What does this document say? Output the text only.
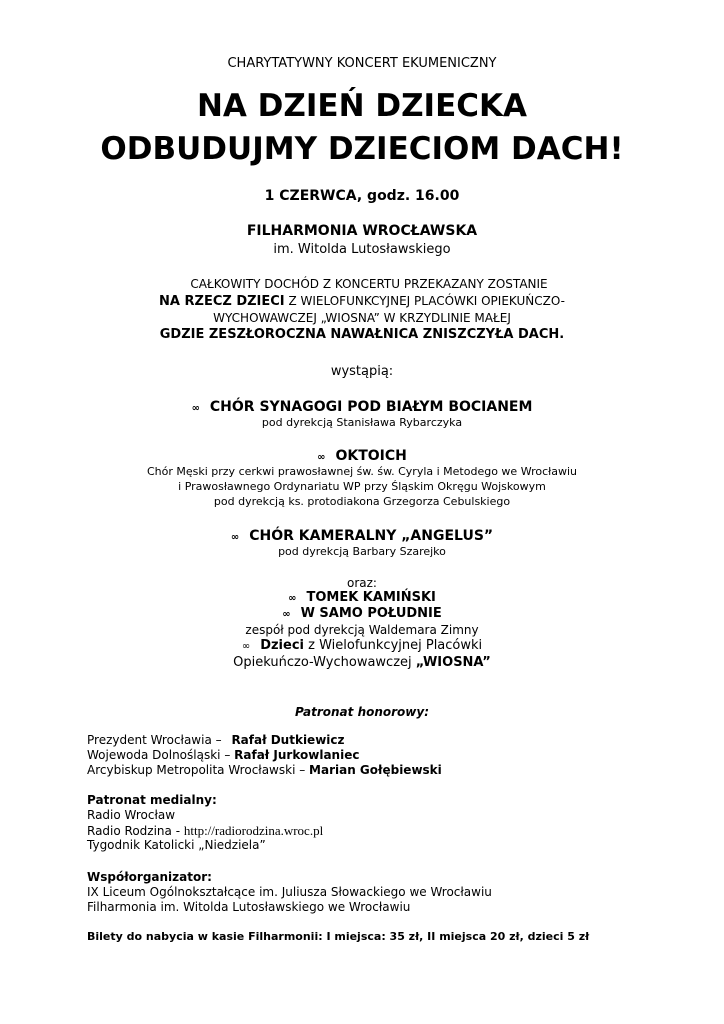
CHARYTATYWNY KONCERT EKUMENICZNY
NA DZIEŃ DZIECKA
ODBUDUJMY DZIECIOM DACH!
1 CZERWCA, godz. 16.00
FILHARMONIA WROCŁAWSKA
im. Witolda Lutosławskiego
CAŁKOWITY DOCHÓD Z KONCERTU PRZEKAZANY ZOSTANIE
NA RZECZ DZIECI Z WIELOFUNKCYJNEJ PLACÓWKI OPIEKUŃCZO-
WYCHOWAWCZEJ „WIOSNA” W KRZYDLINIE MAŁEJ
GDZIE ZESZŁOROCZNA NAWAŁNICA ZNISZCZYŁA DACH.
wystąpią:
∞ CHÓR SYNAGOGI POD BIAŁYM BOCIANEM
pod dyrekcją Stanisława Rybarczyka
∞ OKTOICH
Chór Męski przy cerkwi prawosławnej św. św. Cyryla i Metodego we Wrocławiu
i Prawosławnego Ordynariatu WP przy Śląskim Okręgu Wojskowym
pod dyrekcją ks. protodiakona Grzegorza Cebulskiego
∞ CHÓR KAMERALNY „ANGELUS”
pod dyrekcją Barbary Szarejko
oraz:
∞ TOMEK KAMIŃSKI
∞ W SAMO POŁUDNIE
zespół pod dyrekcją Waldemara Zimny
∞ Dzieci z Wielofunkcyjnej Placówki
Opiekuńczo-Wychowawczej „WIOSNA”
Patronat honorowy:
Prezydent Wrocławia – Rafał Dutkiewicz
Wojewoda Dolnośląski – Rafał Jurkowlaniec
Arcybiskup Metropolita Wrocławski – Marian Gołębiewski
Patronat medialny:
Radio Wrocław
Radio Rodzina - http://radiorodzina.wroc.pl
Tygodnik Katolicki „Niedziela”
Współorganizator:
IX Liceum Ogólnokształcące im. Juliusza Słowackiego we Wrocławiu
Filharmonia im. Witolda Lutosławskiego we Wrocławiu
Bilety do nabycia w kasie Filharmonii: I miejsca: 35 zł, II miejsca 20 zł, dzieci 5 zł
